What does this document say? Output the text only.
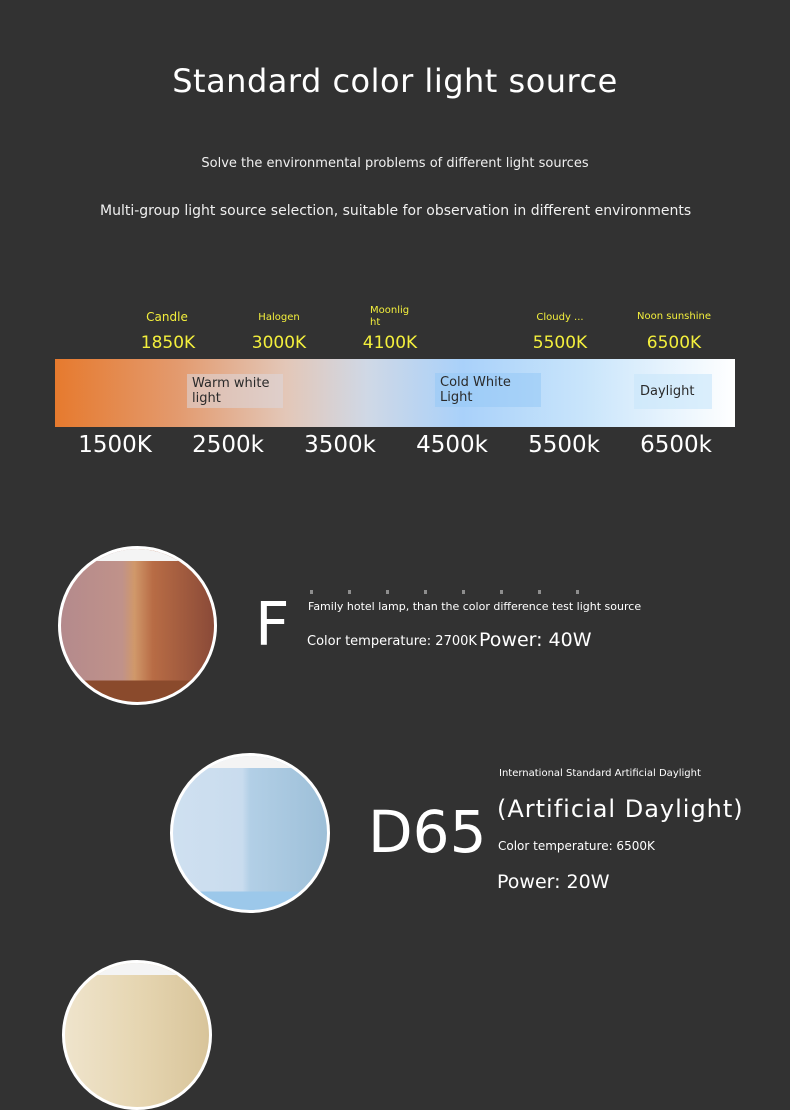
Standard color light source
Solve the environmental problems of different light sources
Multi-group light source selection, suitable for observation in different environments
Candle
1850K
Halogen
3000K
Moonlig
ht
4100K
Cloudy ...
5500K
Noon sunshine
6500K
Warm white light
Cold White Light	Daylight
1500K	2500k	3500k	4500k	5500k	6500k
F Family hotel lamp, than the color difference test light source
Color temperature: 2700K Power: 40W
D65
International Standard Artificial Daylight
(Artificial Daylight)
Color temperature: 6500K
Power: 20W
